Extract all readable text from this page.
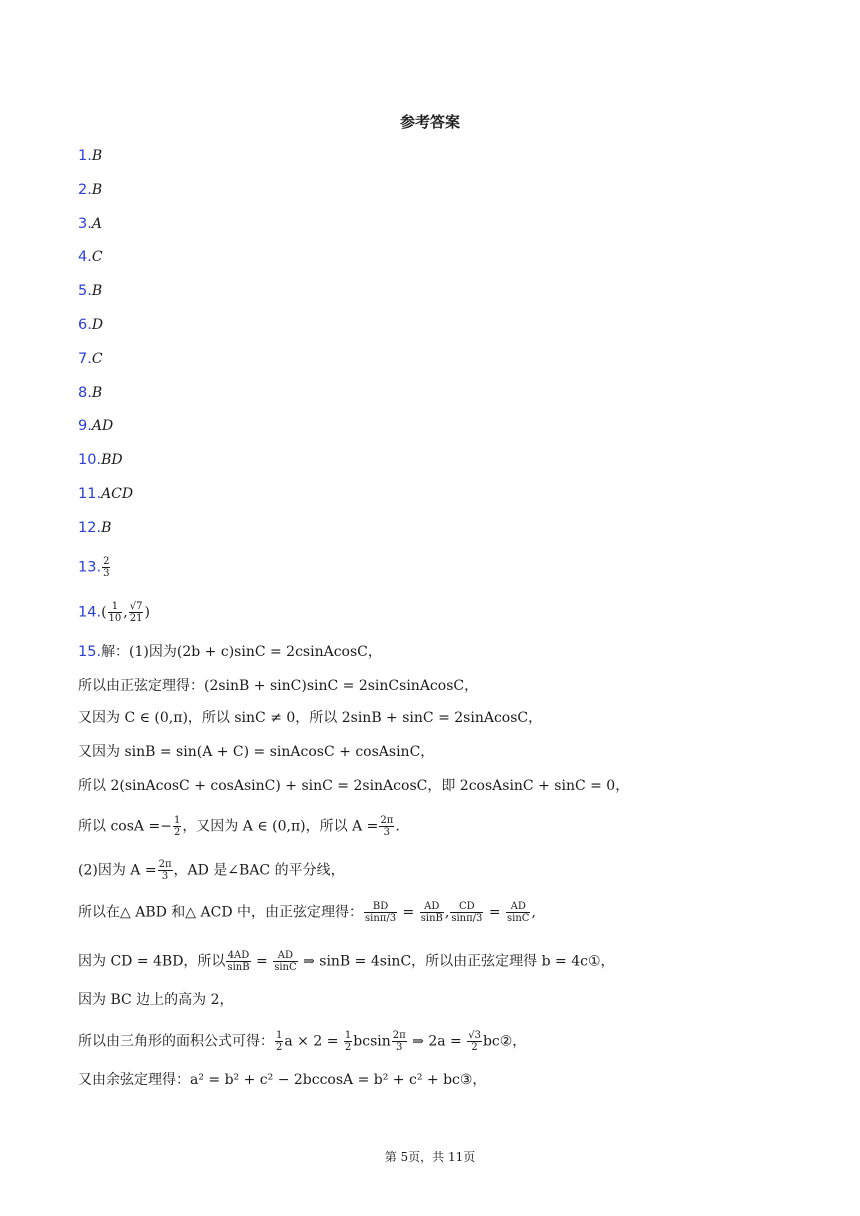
参考答案
1.B
2.B
3.A
4.C
5.B
6.D
7.C
8.B
9.AD
10.BD
11.ACD
12.B
13. $\frac{2}{3}$
$14.( \frac{1}{10}$ , $\frac{√7}{21}$ )
15.解：(1)因为(2b + c)sinC = 2csinAcosC，
所以由正弦定理得：(2sinB + sinC)sinC = 2sinCsinAcosC，
又因为 C ∈ (0,π)，所以 sinC ≠ 0，所以 2sinB + sinC = 2sinAcosC，
又因为 sinB = sin(A + C) = sinAcosC + cosAsinC，
所以 2(sinAcosC + cosAsinC) + sinC = 2sinAcosC，即 2cosAsinC + sinC = 0，
所以 $\cos A =- \frac{1}{2}$ ，又因为 A ∈ (0,π)，所以 $A = \frac{2\pi}{3}$ .
(2)因为 $A = \frac{2\pi}{3}$ ，AD 是∠BAC 的平分线，
所以在△ ABD 和△ ACD 中，由正弦定理得： $\frac{BD}{\sin\pi/3} = \frac{AD}{\sin B}$ , $\frac{CD}{\sin\pi/3} = \frac{AD}{\sin C}$ ,
因为 CD = 4BD，所以 $\frac{4AD}{\sin B} = \frac{AD}{\sin C}$ ⇒ sinB = 4sinC，所以由正弦定理得 b = 4c①，
因为 BC 边上的高为 2，
所以由三角形的面积公式可得： $\frac{1}{2}$ $a \times 2 = \frac{1}{2}$ bcsin $\frac{2\pi}{3}$ ⇒ $2a = \frac{√3}{2}$ bc②，
又由余弦定理得：a² = b² + c² − 2bccosA = b² + c² + bc③，
第 5页，共 11页
